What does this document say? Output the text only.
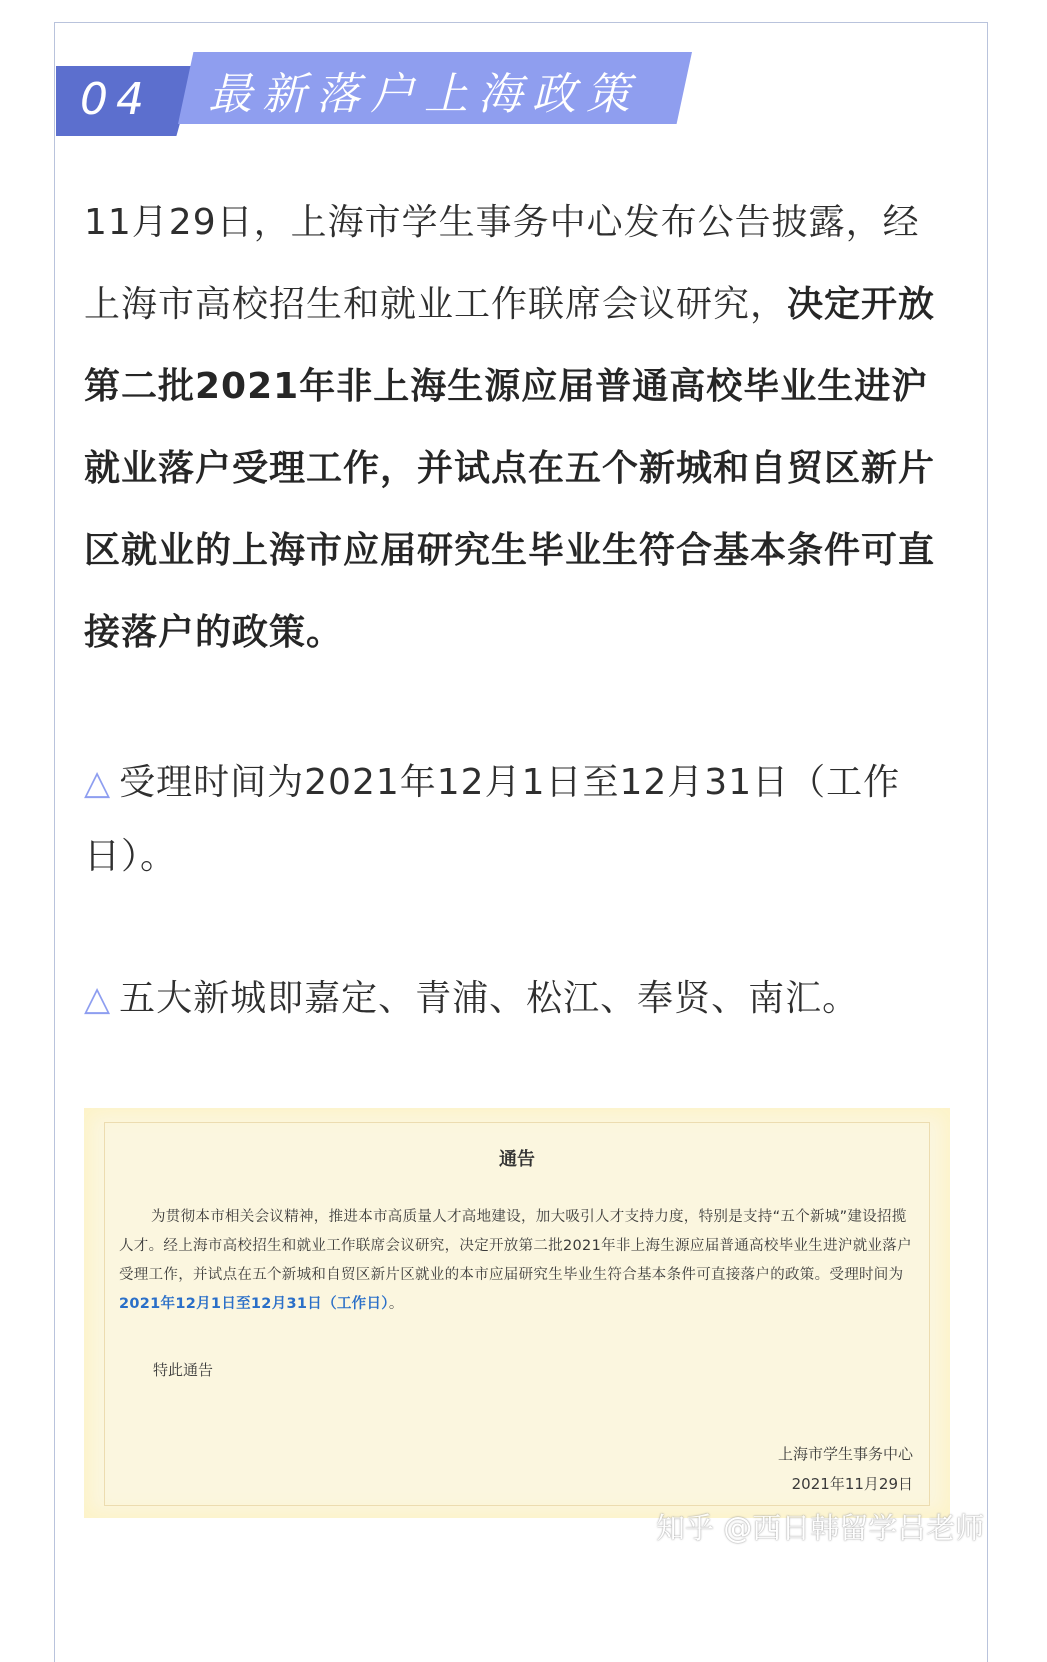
04 最新落户上海政策
11月29日，上海市学生事务中心发布公告披露，经上海市高校招生和就业工作联席会议研究，决定开放第二批2021年非上海生源应届普通高校毕业生进沪就业落户受理工作，并试点在五个新城和自贸区新片区就业的上海市应届研究生毕业生符合基本条件可直接落户的政策。
△ 受理时间为2021年12月1日至12月31日（工作日）。
△ 五大新城即嘉定、青浦、松江、奉贤、南汇。
通告
为贯彻本市相关会议精神，推进本市高质量人才高地建设，加大吸引人才支持力度，特别是支持“五个新城”建设招揽人才。经上海市高校招生和就业工作联席会议研究，决定开放第二批2021年非上海生源应届普通高校毕业生进沪就业落户受理工作，并试点在五个新城和自贸区新片区就业的本市应届研究生毕业生符合基本条件可直接落户的政策。受理时间为2021年12月1日至12月31日（工作日）。
特此通告
上海市学生事务中心
2021年11月29日
知乎 @西日韩留学吕老师
